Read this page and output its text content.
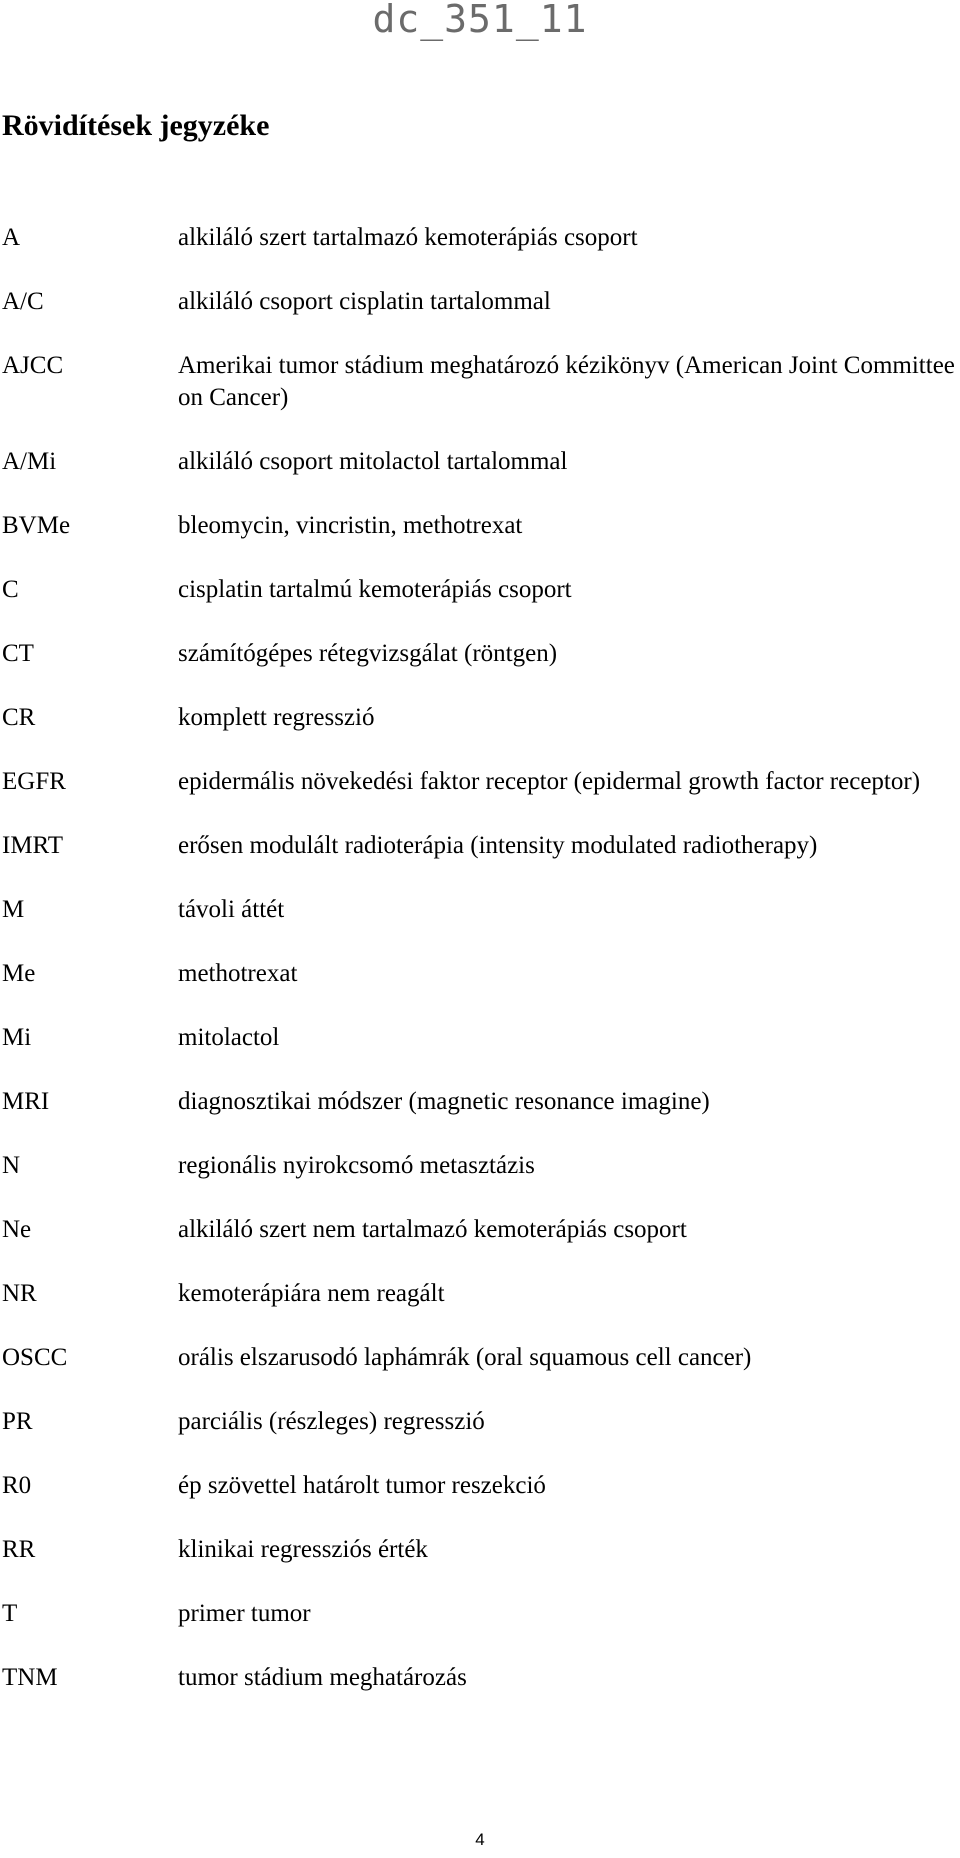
dc_351_11
Rövidítések jegyzéke
A	alkiláló szert tartalmazó kemoterápiás csoport
A/C	alkiláló csoport cisplatin tartalommal
AJCC	Amerikai tumor stádium meghatározó kézikönyv (American Joint Committee on Cancer)
A/Mi	alkiláló csoport mitolactol tartalommal
BVMe	bleomycin, vincristin, methotrexat
C	cisplatin tartalmú kemoterápiás csoport
CT	számítógépes rétegvizsgálat (röntgen)
CR	komplett regresszió
EGFR	epidermális növekedési faktor receptor (epidermal growth factor receptor)
IMRT	erősen modulált radioterápia (intensity modulated radiotherapy)
M	távoli áttét
Me	methotrexat
Mi	mitolactol
MRI	diagnosztikai módszer (magnetic resonance imagine)
N	regionális nyirokcsomó metasztázis
Ne	alkiláló szert nem tartalmazó kemoterápiás csoport
NR	kemoterápiára nem reagált
OSCC	orális elszarusodó laphámrák (oral squamous cell cancer)
PR	parciális (részleges) regresszió
R0	ép szövettel határolt tumor reszekció
RR	klinikai regressziós érték
T	primer tumor
TNM	tumor stádium meghatározás
4
